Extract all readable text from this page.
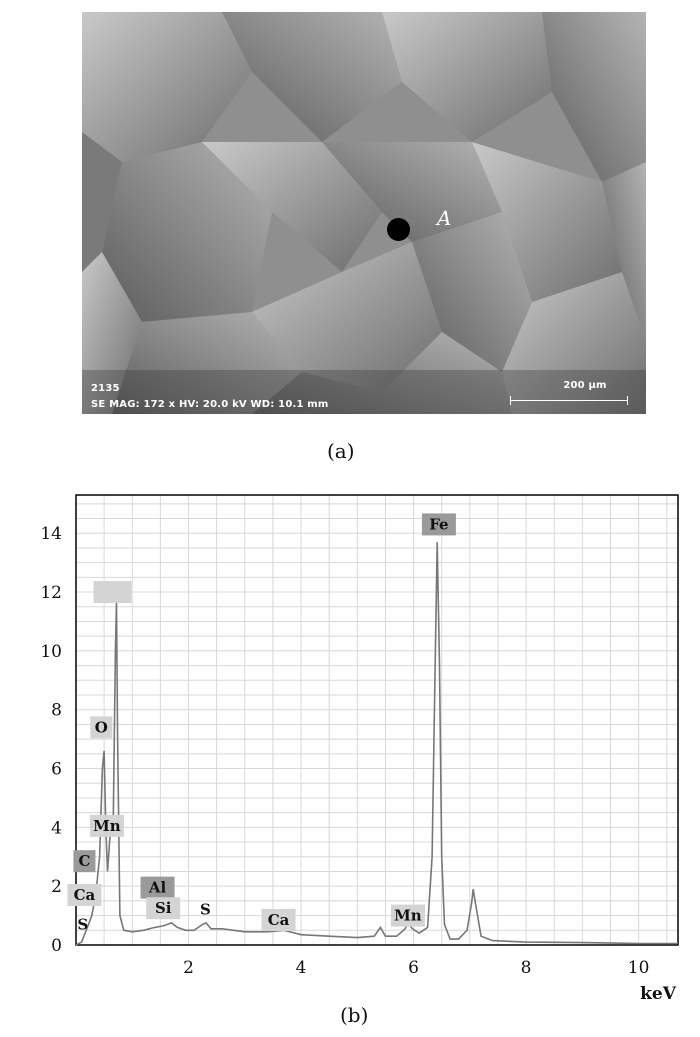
2135
SE MAG: 172 x HV: 20.0 kV WD: 10.1 mm
200 μm
A
(a)
0
2
4
6
8
10
12
14
2	4	6	8	10
Fe
O
Mn
C
Ca
S
Al
Si S
Ca	Mn
keV
(b)
